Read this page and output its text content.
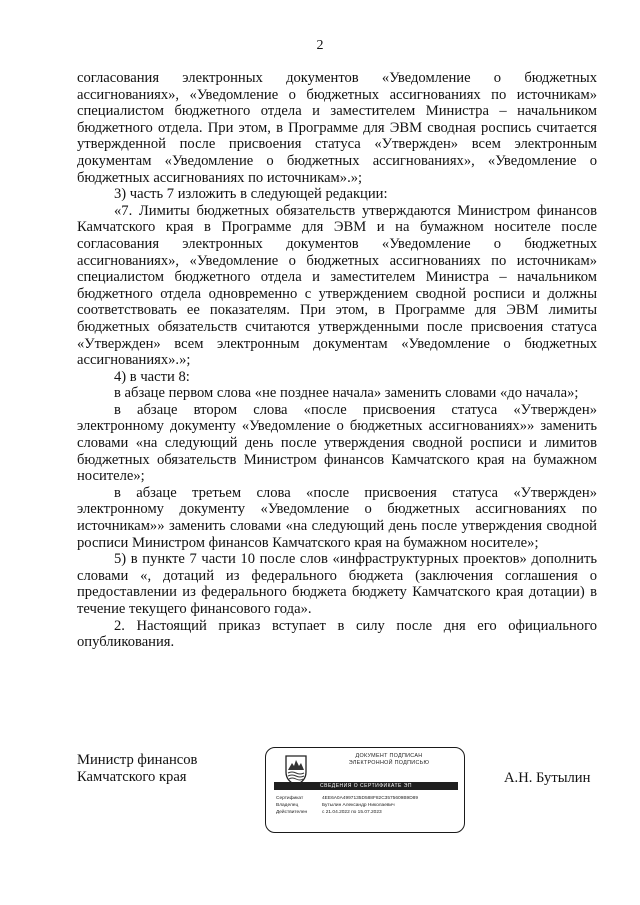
2

согласования электронных документов «Уведомление о бюджетных ассигнованиях», «Уведомление о бюджетных ассигнованиях по источникам» специалистом бюджетного отдела и заместителем Министра – начальником бюджетного отдела. При этом, в Программе для ЭВМ сводная роспись считается утвержденной после присвоения статуса «Утвержден» всем электронным документам «Уведомление о бюджетных ассигнованиях», «Уведомление о бюджетных ассигнованиях по источникам».»;

3) часть 7 изложить в следующей редакции:

«7. Лимиты бюджетных обязательств утверждаются Министром финансов Камчатского края в Программе для ЭВМ и на бумажном носителе после согласования электронных документов «Уведомление о бюджетных ассигнованиях», «Уведомление о бюджетных ассигнованиях по источникам» специалистом бюджетного отдела и заместителем Министра – начальником бюджетного отдела одновременно с утверждением сводной росписи и должны соответствовать ее показателям. При этом, в Программе для ЭВМ лимиты бюджетных обязательств считаются утвержденными после присвоения статуса «Утвержден» всем электронным документам «Уведомление о бюджетных ассигнованиях».»;

4) в части 8:

в абзаце первом слова «не позднее начала» заменить словами «до начала»;

в абзаце втором слова «после присвоения статуса «Утвержден» электронному документу «Уведомление о бюджетных ассигнованиях»» заменить словами «на следующий день после утверждения сводной росписи и лимитов бюджетных обязательств Министром финансов Камчатского края на бумажном носителе»;

в абзаце третьем слова «после присвоения статуса «Утвержден» электронному документу «Уведомление о бюджетных ассигнованиях по источникам»» заменить словами «на следующий день после утверждения сводной росписи Министром финансов Камчатского края на бумажном носителе»;

5) в пункте 7 части 10 после слов «инфраструктурных проектов» дополнить словами «, дотаций из федерального бюджета (заключения соглашения о предоставлении из федерального бюджета бюджету Камчатского края дотации) в течение текущего финансового года».

2. Настоящий приказ вступает в силу после дня его официального опубликования.

Министр финансов
Камчатского края
ДОКУМЕНТ ПОДПИСАН
ЭЛЕКТРОННОЙ ПОДПИСЬЮ
СВЕДЕНИЯ О СЕРТИФИКАТЕ ЭП
Сертификат	4EE6A0A4997135D588F82C3575609B9D89
Владелец	Бутылин Александр Николаевич
Действителен	с 21.04.2022 по 15.07.2023
А.Н. Бутылин
